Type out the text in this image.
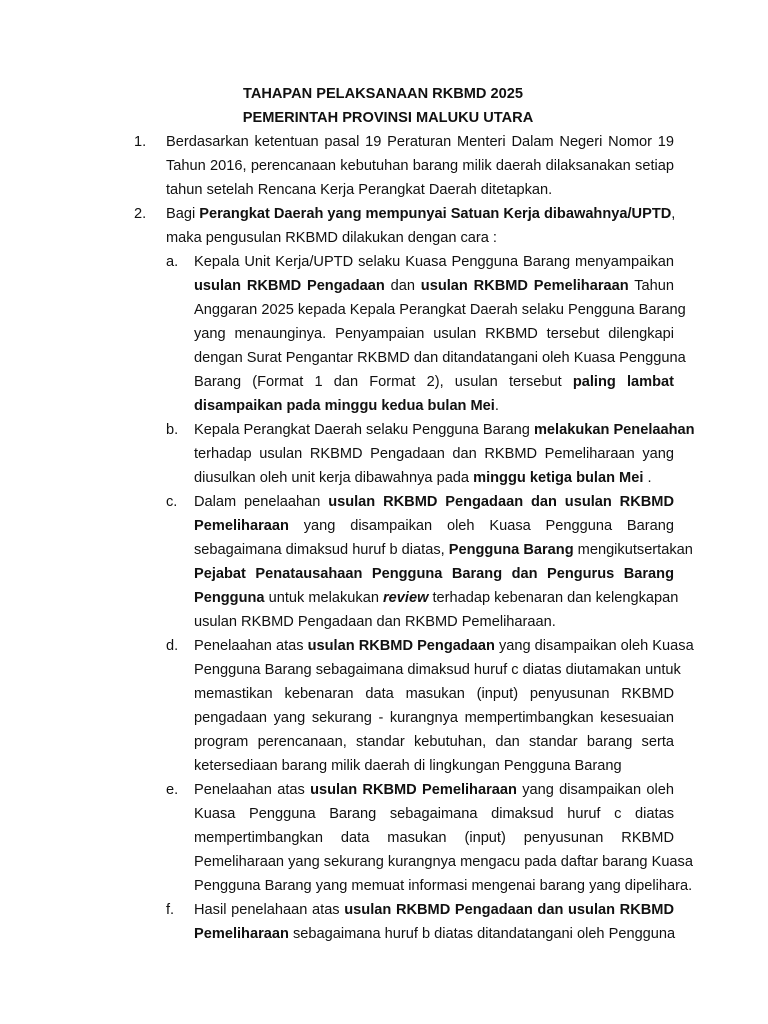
TAHAPAN PELAKSANAAN RKBMD 2025
PEMERINTAH PROVINSI MALUKU UTARA
1. Berdasarkan ketentuan pasal 19 Peraturan Menteri Dalam Negeri Nomor 19
Tahun 2016, perencanaan kebutuhan barang milik daerah dilaksanakan setiap
tahun setelah Rencana Kerja Perangkat Daerah ditetapkan.
2. Bagi Perangkat Daerah yang mempunyai Satuan Kerja dibawahnya/UPTD,
maka pengusulan RKBMD dilakukan dengan cara :
a. Kepala Unit Kerja/UPTD selaku Kuasa Pengguna Barang menyampaikan
usulan RKBMD Pengadaan dan usulan RKBMD Pemeliharaan Tahun
Anggaran 2025 kepada Kepala Perangkat Daerah selaku Pengguna Barang
yang menaunginya. Penyampaian usulan RKBMD tersebut dilengkapi
dengan Surat Pengantar RKBMD dan ditandatangani oleh Kuasa Pengguna
Barang (Format 1 dan Format 2), usulan tersebut paling lambat
disampaikan pada minggu kedua bulan Mei.
b. Kepala Perangkat Daerah selaku Pengguna Barang melakukan Penelaahan
terhadap usulan RKBMD Pengadaan dan RKBMD Pemeliharaan yang
diusulkan oleh unit kerja dibawahnya pada minggu ketiga bulan Mei .
c. Dalam penelaahan usulan RKBMD Pengadaan dan usulan RKBMD
Pemeliharaan yang disampaikan oleh Kuasa Pengguna Barang
sebagaimana dimaksud huruf b diatas, Pengguna Barang mengikutsertakan
Pejabat Penatausahaan Pengguna Barang dan Pengurus Barang
Pengguna untuk melakukan review terhadap kebenaran dan kelengkapan
usulan RKBMD Pengadaan dan RKBMD Pemeliharaan.
d. Penelaahan atas usulan RKBMD Pengadaan yang disampaikan oleh Kuasa
Pengguna Barang sebagaimana dimaksud huruf c diatas diutamakan untuk
memastikan kebenaran data masukan (input) penyusunan RKBMD
pengadaan yang sekurang - kurangnya mempertimbangkan kesesuaian
program perencanaan, standar kebutuhan, dan standar barang serta
ketersediaan barang milik daerah di lingkungan Pengguna Barang
e. Penelaahan atas usulan RKBMD Pemeliharaan yang disampaikan oleh
Kuasa Pengguna Barang sebagaimana dimaksud huruf c diatas
mempertimbangkan data masukan (input) penyusunan RKBMD
Pemeliharaan yang sekurang kurangnya mengacu pada daftar barang Kuasa
Pengguna Barang yang memuat informasi mengenai barang yang dipelihara.
f. Hasil penelahaan atas usulan RKBMD Pengadaan dan usulan RKBMD
Pemeliharaan sebagaimana huruf b diatas ditandatangani oleh Pengguna
